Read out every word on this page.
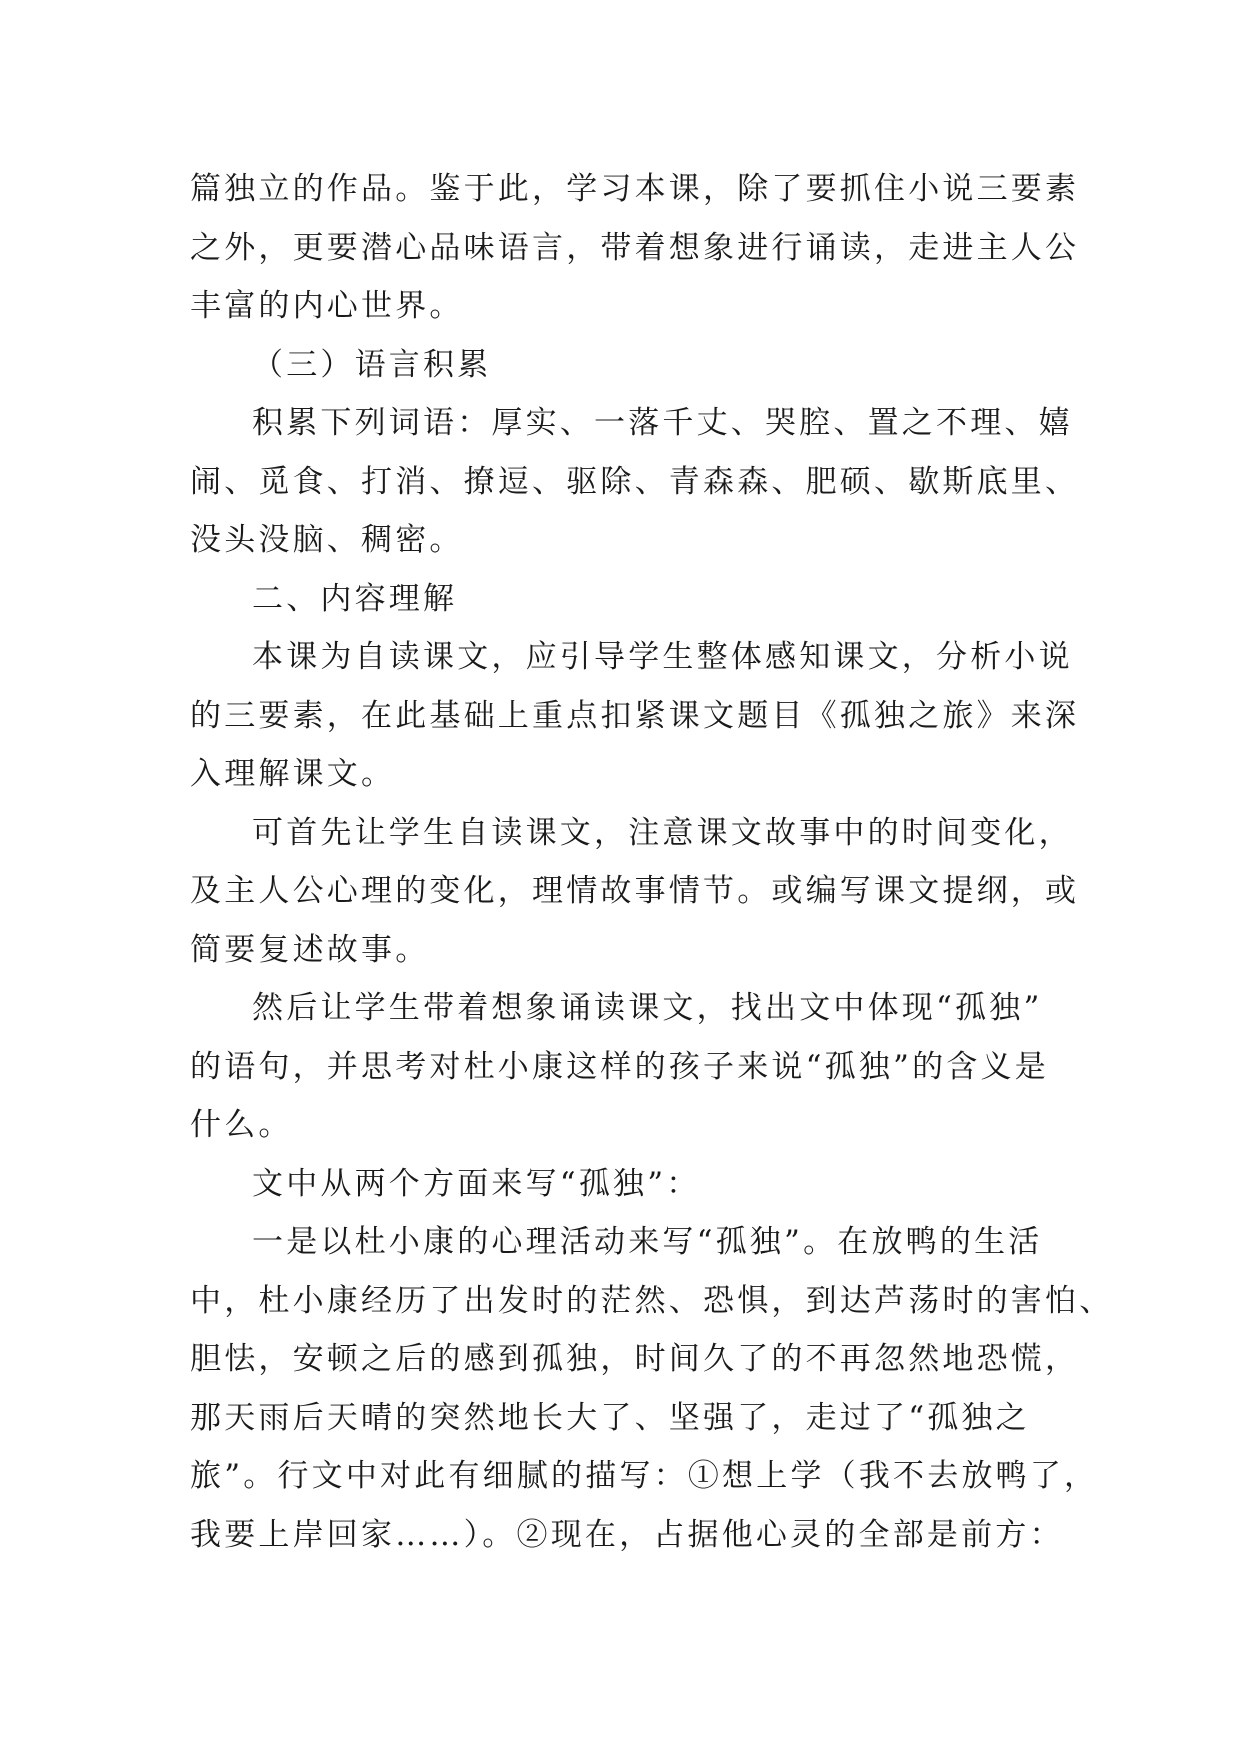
篇独立的作品。鉴于此，学习本课，除了要抓住小说三要素
之外，更要潜心品味语言，带着想象进行诵读，走进主人公
丰富的内心世界。

（三）语言积累

积累下列词语：厚实、一落千丈、哭腔、置之不理、嬉
闹、觅食、打消、撩逗、驱除、青森森、肥硕、歇斯底里、
没头没脑、稠密。

二、内容理解

本课为自读课文，应引导学生整体感知课文，分析小说
的三要素，在此基础上重点扣紧课文题目《孤独之旅》来深
入理解课文。

可首先让学生自读课文，注意课文故事中的时间变化，
及主人公心理的变化，理情故事情节。或编写课文提纲，或
简要复述故事。

然后让学生带着想象诵读课文，找出文中体现“孤独”
的语句，并思考对杜小康这样的孩子来说“孤独”的含义是
什么。

文中从两个方面来写“孤独”：

一是以杜小康的心理活动来写“孤独”。在放鸭的生活
中，杜小康经历了出发时的茫然、恐惧，到达芦荡时的害怕、
胆怯，安顿之后的感到孤独，时间久了的不再忽然地恐慌，
那天雨后天晴的突然地长大了、坚强了，走过了“孤独之
旅”。行文中对此有细腻的描写：①想上学（我不去放鸭了，
我要上岸回家……）。②现在，占据他心灵的全部是前方：
